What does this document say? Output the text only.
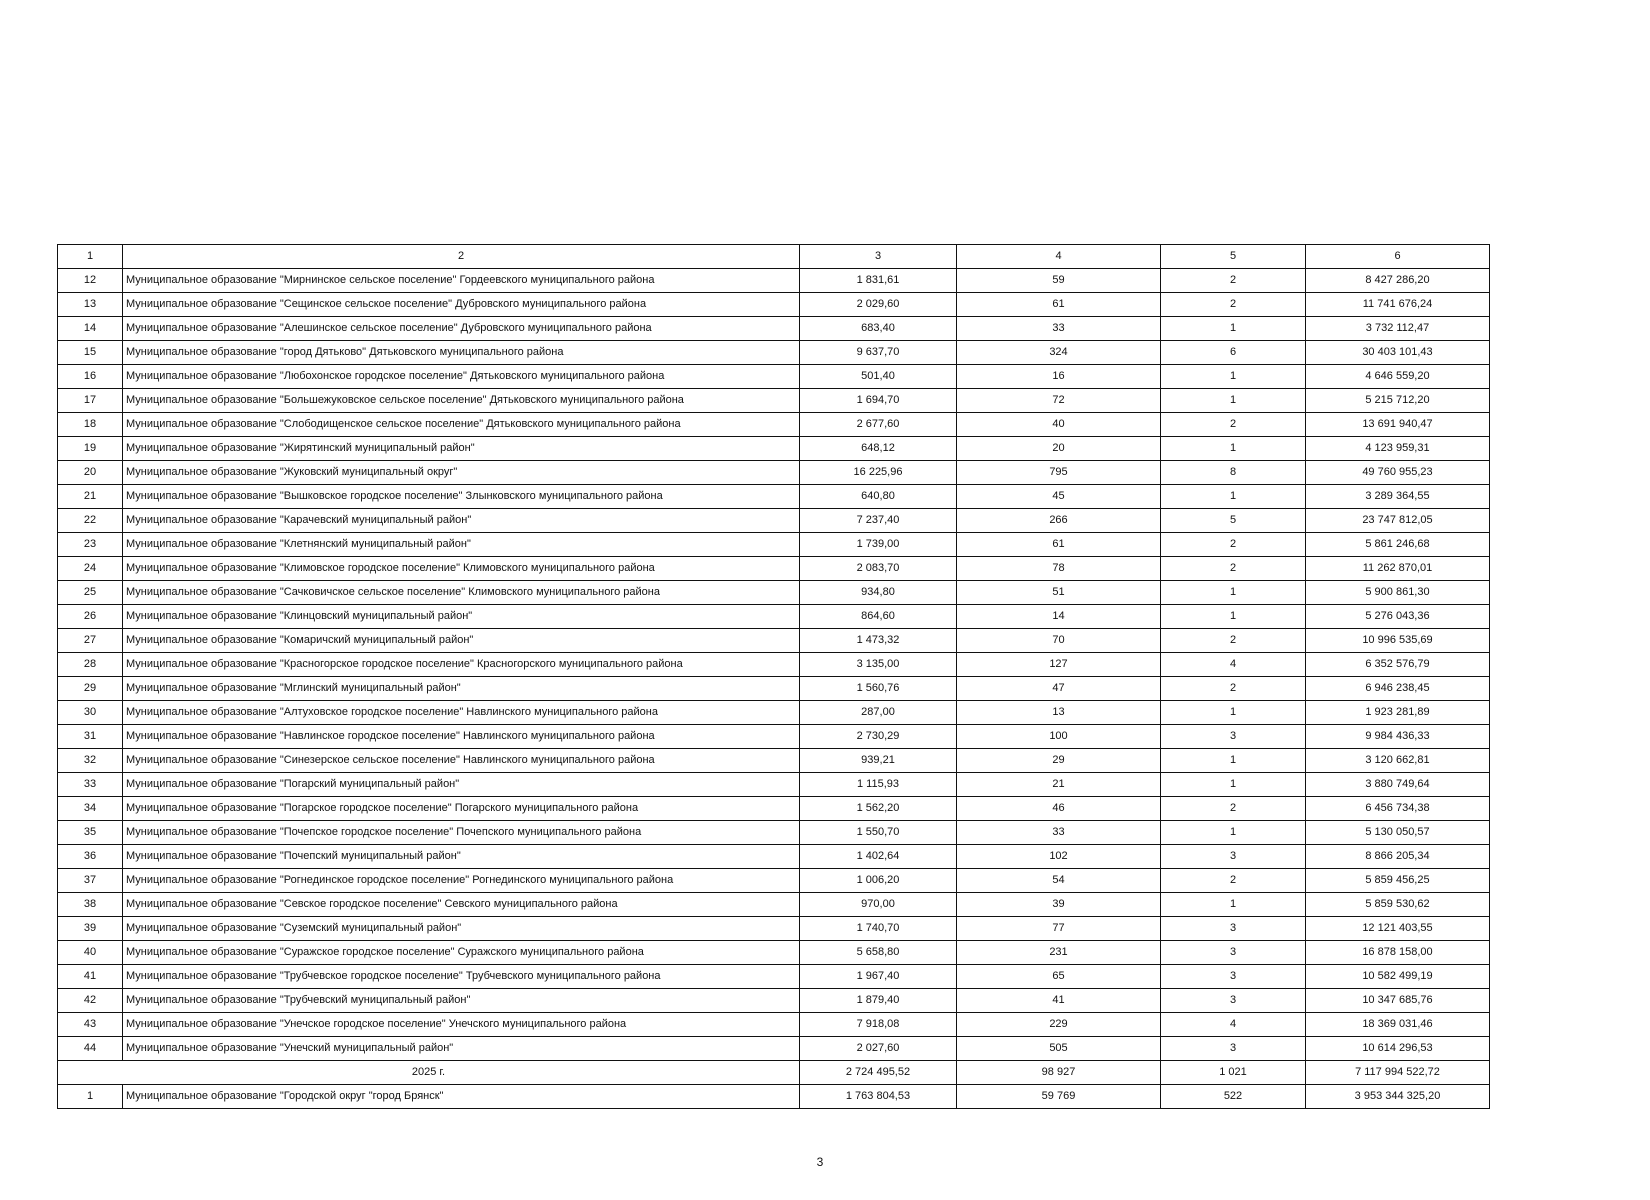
1	2	3	4	5	6
12	Муниципальное образование "Мирнинское сельское поселение" Гордеевского муниципального района	1 831,61	59	2	8 427 286,20
13	Муниципальное образование "Сещинское сельское поселение" Дубровского муниципального района	2 029,60	61	2	11 741 676,24
14	Муниципальное образование "Алешинское сельское поселение" Дубровского муниципального района	683,40	33	1	3 732 112,47
15	Муниципальное образование "город Дятьково" Дятьковского муниципального района	9 637,70	324	6	30 403 101,43
16	Муниципальное образование "Любохонское городское поселение" Дятьковского муниципального района	501,40	16	1	4 646 559,20
17	Муниципальное образование "Большежуковское сельское поселение" Дятьковского муниципального района	1 694,70	72	1	5 215 712,20
18	Муниципальное образование "Слободищенское сельское поселение" Дятьковского муниципального района	2 677,60	40	2	13 691 940,47
19	Муниципальное образование "Жирятинский муниципальный район"	648,12	20	1	4 123 959,31
20	Муниципальное образование "Жуковский муниципальный округ"	16 225,96	795	8	49 760 955,23
21	Муниципальное образование "Вышковское городское поселение" Злынковского муниципального района	640,80	45	1	3 289 364,55
22	Муниципальное образование "Карачевский муниципальный район"	7 237,40	266	5	23 747 812,05
23	Муниципальное образование "Клетнянский муниципальный район"	1 739,00	61	2	5 861 246,68
24	Муниципальное образование "Климовское городское поселение" Климовского муниципального района	2 083,70	78	2	11 262 870,01
25	Муниципальное образование "Сачковичское сельское поселение" Климовского муниципального района	934,80	51	1	5 900 861,30
26	Муниципальное образование "Клинцовский муниципальный район"	864,60	14	1	5 276 043,36
27	Муниципальное образование "Комаричский муниципальный район"	1 473,32	70	2	10 996 535,69
28	Муниципальное образование "Красногорское городское поселение" Красногорского муниципального района	3 135,00	127	4	6 352 576,79
29	Муниципальное образование "Мглинский муниципальный район"	1 560,76	47	2	6 946 238,45
30	Муниципальное образование "Алтуховское городское поселение" Навлинского муниципального района	287,00	13	1	1 923 281,89
31	Муниципальное образование "Навлинское городское поселение" Навлинского муниципального района	2 730,29	100	3	9 984 436,33
32	Муниципальное образование "Синезерское сельское поселение" Навлинского муниципального района	939,21	29	1	3 120 662,81
33	Муниципальное образование "Погарский муниципальный район"	1 115,93	21	1	3 880 749,64
34	Муниципальное образование "Погарское городское поселение" Погарского муниципального района	1 562,20	46	2	6 456 734,38
35	Муниципальное образование "Почепское городское поселение" Почепского муниципального района	1 550,70	33	1	5 130 050,57
36	Муниципальное образование "Почепский муниципальный район"	1 402,64	102	3	8 866 205,34
37	Муниципальное образование "Рогнединское городское поселение" Рогнединского муниципального района	1 006,20	54	2	5 859 456,25
38	Муниципальное образование "Севское городское поселение" Севского муниципального района	970,00	39	1	5 859 530,62
39	Муниципальное образование "Суземский муниципальный район"	1 740,70	77	3	12 121 403,55
40	Муниципальное образование "Суражское городское поселение" Суражского муниципального района	5 658,80	231	3	16 878 158,00
41	Муниципальное образование "Трубчевское городское поселение" Трубчевского муниципального района	1 967,40	65	3	10 582 499,19
42	Муниципальное образование "Трубчевский муниципальный район"	1 879,40	41	3	10 347 685,76
43	Муниципальное образование "Унечское городское поселение" Унечского муниципального района	7 918,08	229	4	18 369 031,46
44	Муниципальное образование "Унечский муниципальный район"	2 027,60	505	3	10 614 296,53
2025 г.		2 724 495,52	98 927	1 021	7 117 994 522,72
1	Муниципальное образование "Городской округ "город Брянск"	1 763 804,53	59 769	522	3 953 344 325,20
3
